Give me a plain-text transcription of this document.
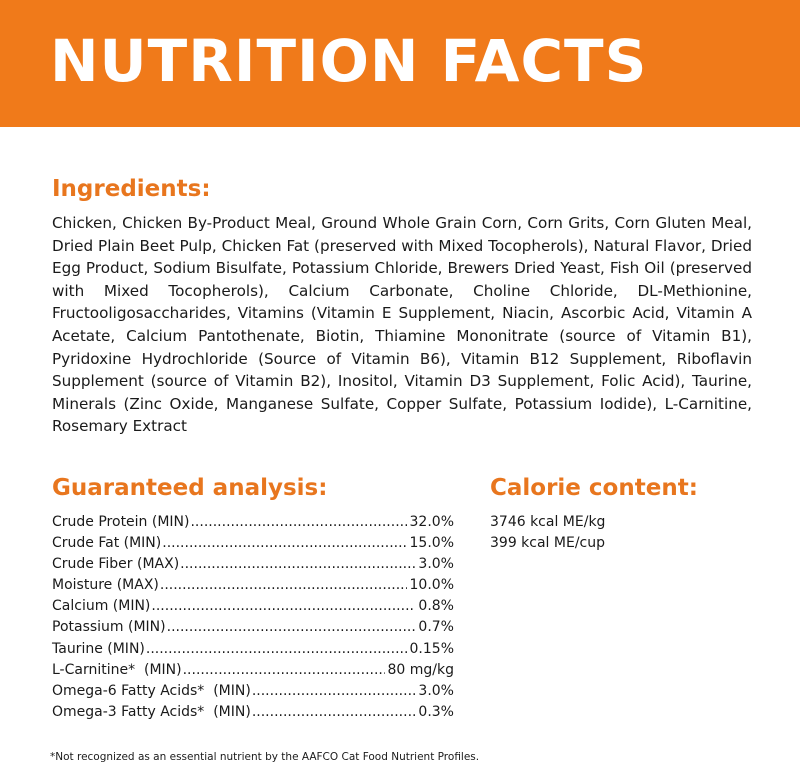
NUTRITION FACTS
Ingredients:

Chicken, Chicken By-Product Meal, Ground Whole Grain Corn, Corn Grits, Corn Gluten Meal, Dried Plain Beet Pulp, Chicken Fat (preserved with Mixed Tocopherols), Natural Flavor, Dried Egg Product, Sodium Bisulfate, Potassium Chloride, Brewers Dried Yeast, Fish Oil (preserved with Mixed Tocopherols), Calcium Carbonate, Choline Chloride, DL-Methionine, Fructooligosaccharides, Vitamins (Vitamin E Supplement, Niacin, Ascorbic Acid, Vitamin A Acetate, Calcium Pantothenate, Biotin, Thiamine Mononitrate (source of Vitamin B1), Pyridoxine Hydrochloride (Source of Vitamin B6), Vitamin B12 Supplement, Riboflavin Supplement (source of Vitamin B2), Inositol, Vitamin D3 Supplement, Folic Acid), Taurine, Minerals (Zinc Oxide, Manganese Sulfate, Copper Sulfate, Potassium Iodide), L-Carnitine, Rosemary Extract

Guaranteed analysis:
Crude Protein (MIN) .....	32.0%
Crude Fat (MIN) .....	15.0%
Crude Fiber (MAX) .....	3.0%
Moisture (MAX) .....	10.0%
Calcium (MIN) .....	0.8%
Potassium (MIN) .....	0.7%
Taurine (MIN) .....	0.15%
L-Carnitine*  (MIN) .....	80 mg/kg
Omega-6 Fatty Acids*  (MIN) .....	3.0%
Omega-3 Fatty Acids*  (MIN) .....	0.3%
Calorie content:
3746 kcal ME/kg
399 kcal ME/cup

*Not recognized as an essential nutrient by the AAFCO Cat Food Nutrient Profiles.
